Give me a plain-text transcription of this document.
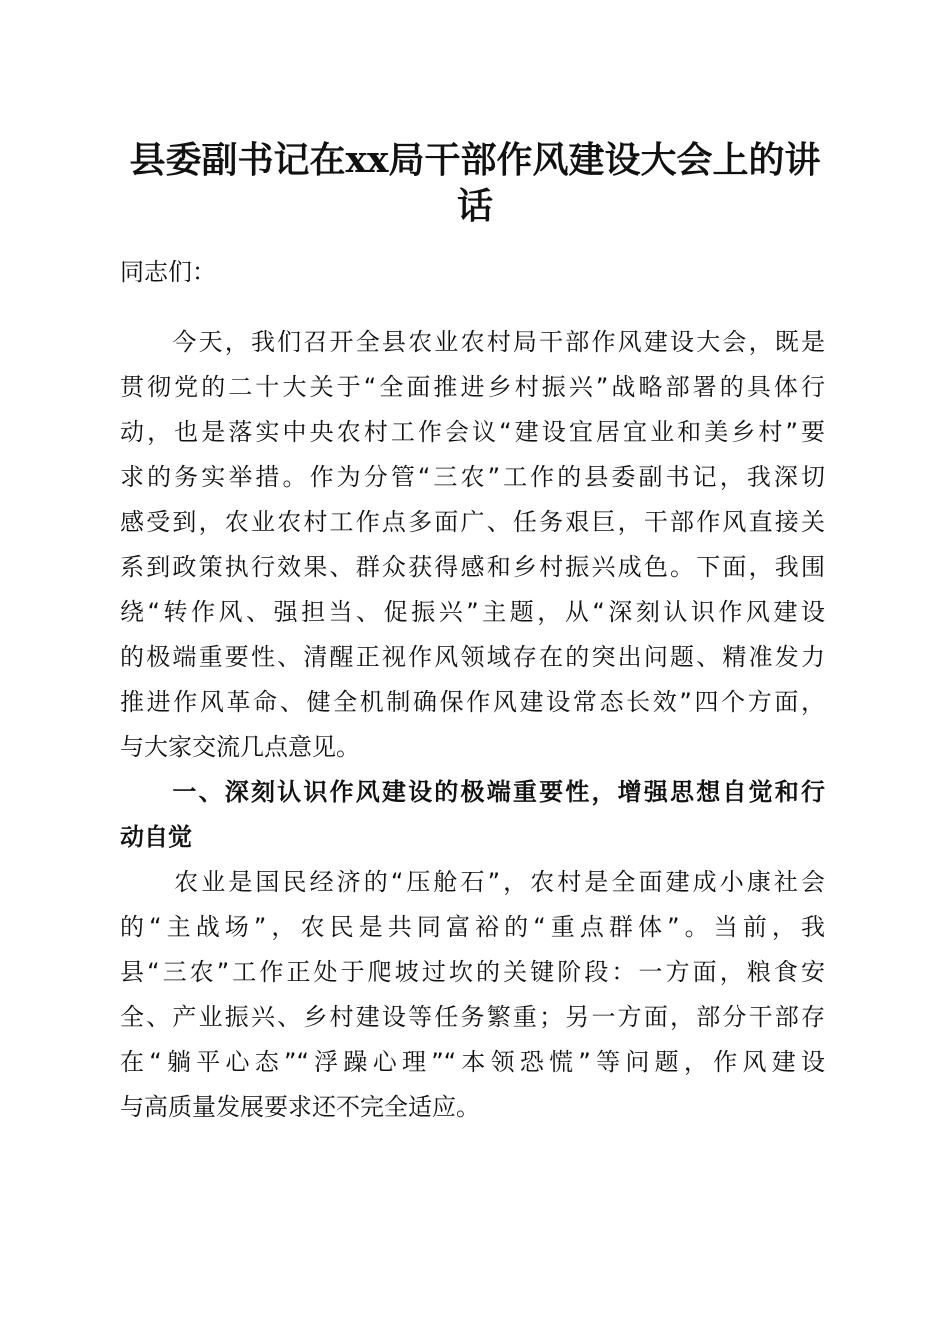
县委副书记在xx局干部作风建设大会上的讲
话
同志们：
　　今天，我们召开全县农业农村局干部作风建设大会，既是
贯彻党的二十大关于“全面推进乡村振兴”战略部署的具体行
动，也是落实中央农村工作会议“建设宜居宜业和美乡村”要
求的务实举措。作为分管“三农”工作的县委副书记，我深切
感受到，农业农村工作点多面广、任务艰巨，干部作风直接关
系到政策执行效果、群众获得感和乡村振兴成色。下面，我围
绕“转作风、强担当、促振兴”主题，从“深刻认识作风建设
的极端重要性、清醒正视作风领域存在的突出问题、精准发力
推进作风革命、健全机制确保作风建设常态长效”四个方面，
与大家交流几点意见。
　　一、深刻认识作风建设的极端重要性，增强思想自觉和行
动自觉
　　农业是国民经济的“压舱石”，农村是全面建成小康社会
的“主战场”，农民是共同富裕的“重点群体”。当前，我
县“三农”工作正处于爬坡过坎的关键阶段：一方面，粮食安
全、产业振兴、乡村建设等任务繁重；另一方面，部分干部存
在“躺平心态”“浮躁心理”“本领恐慌”等问题，作风建设
与高质量发展要求还不完全适应。
